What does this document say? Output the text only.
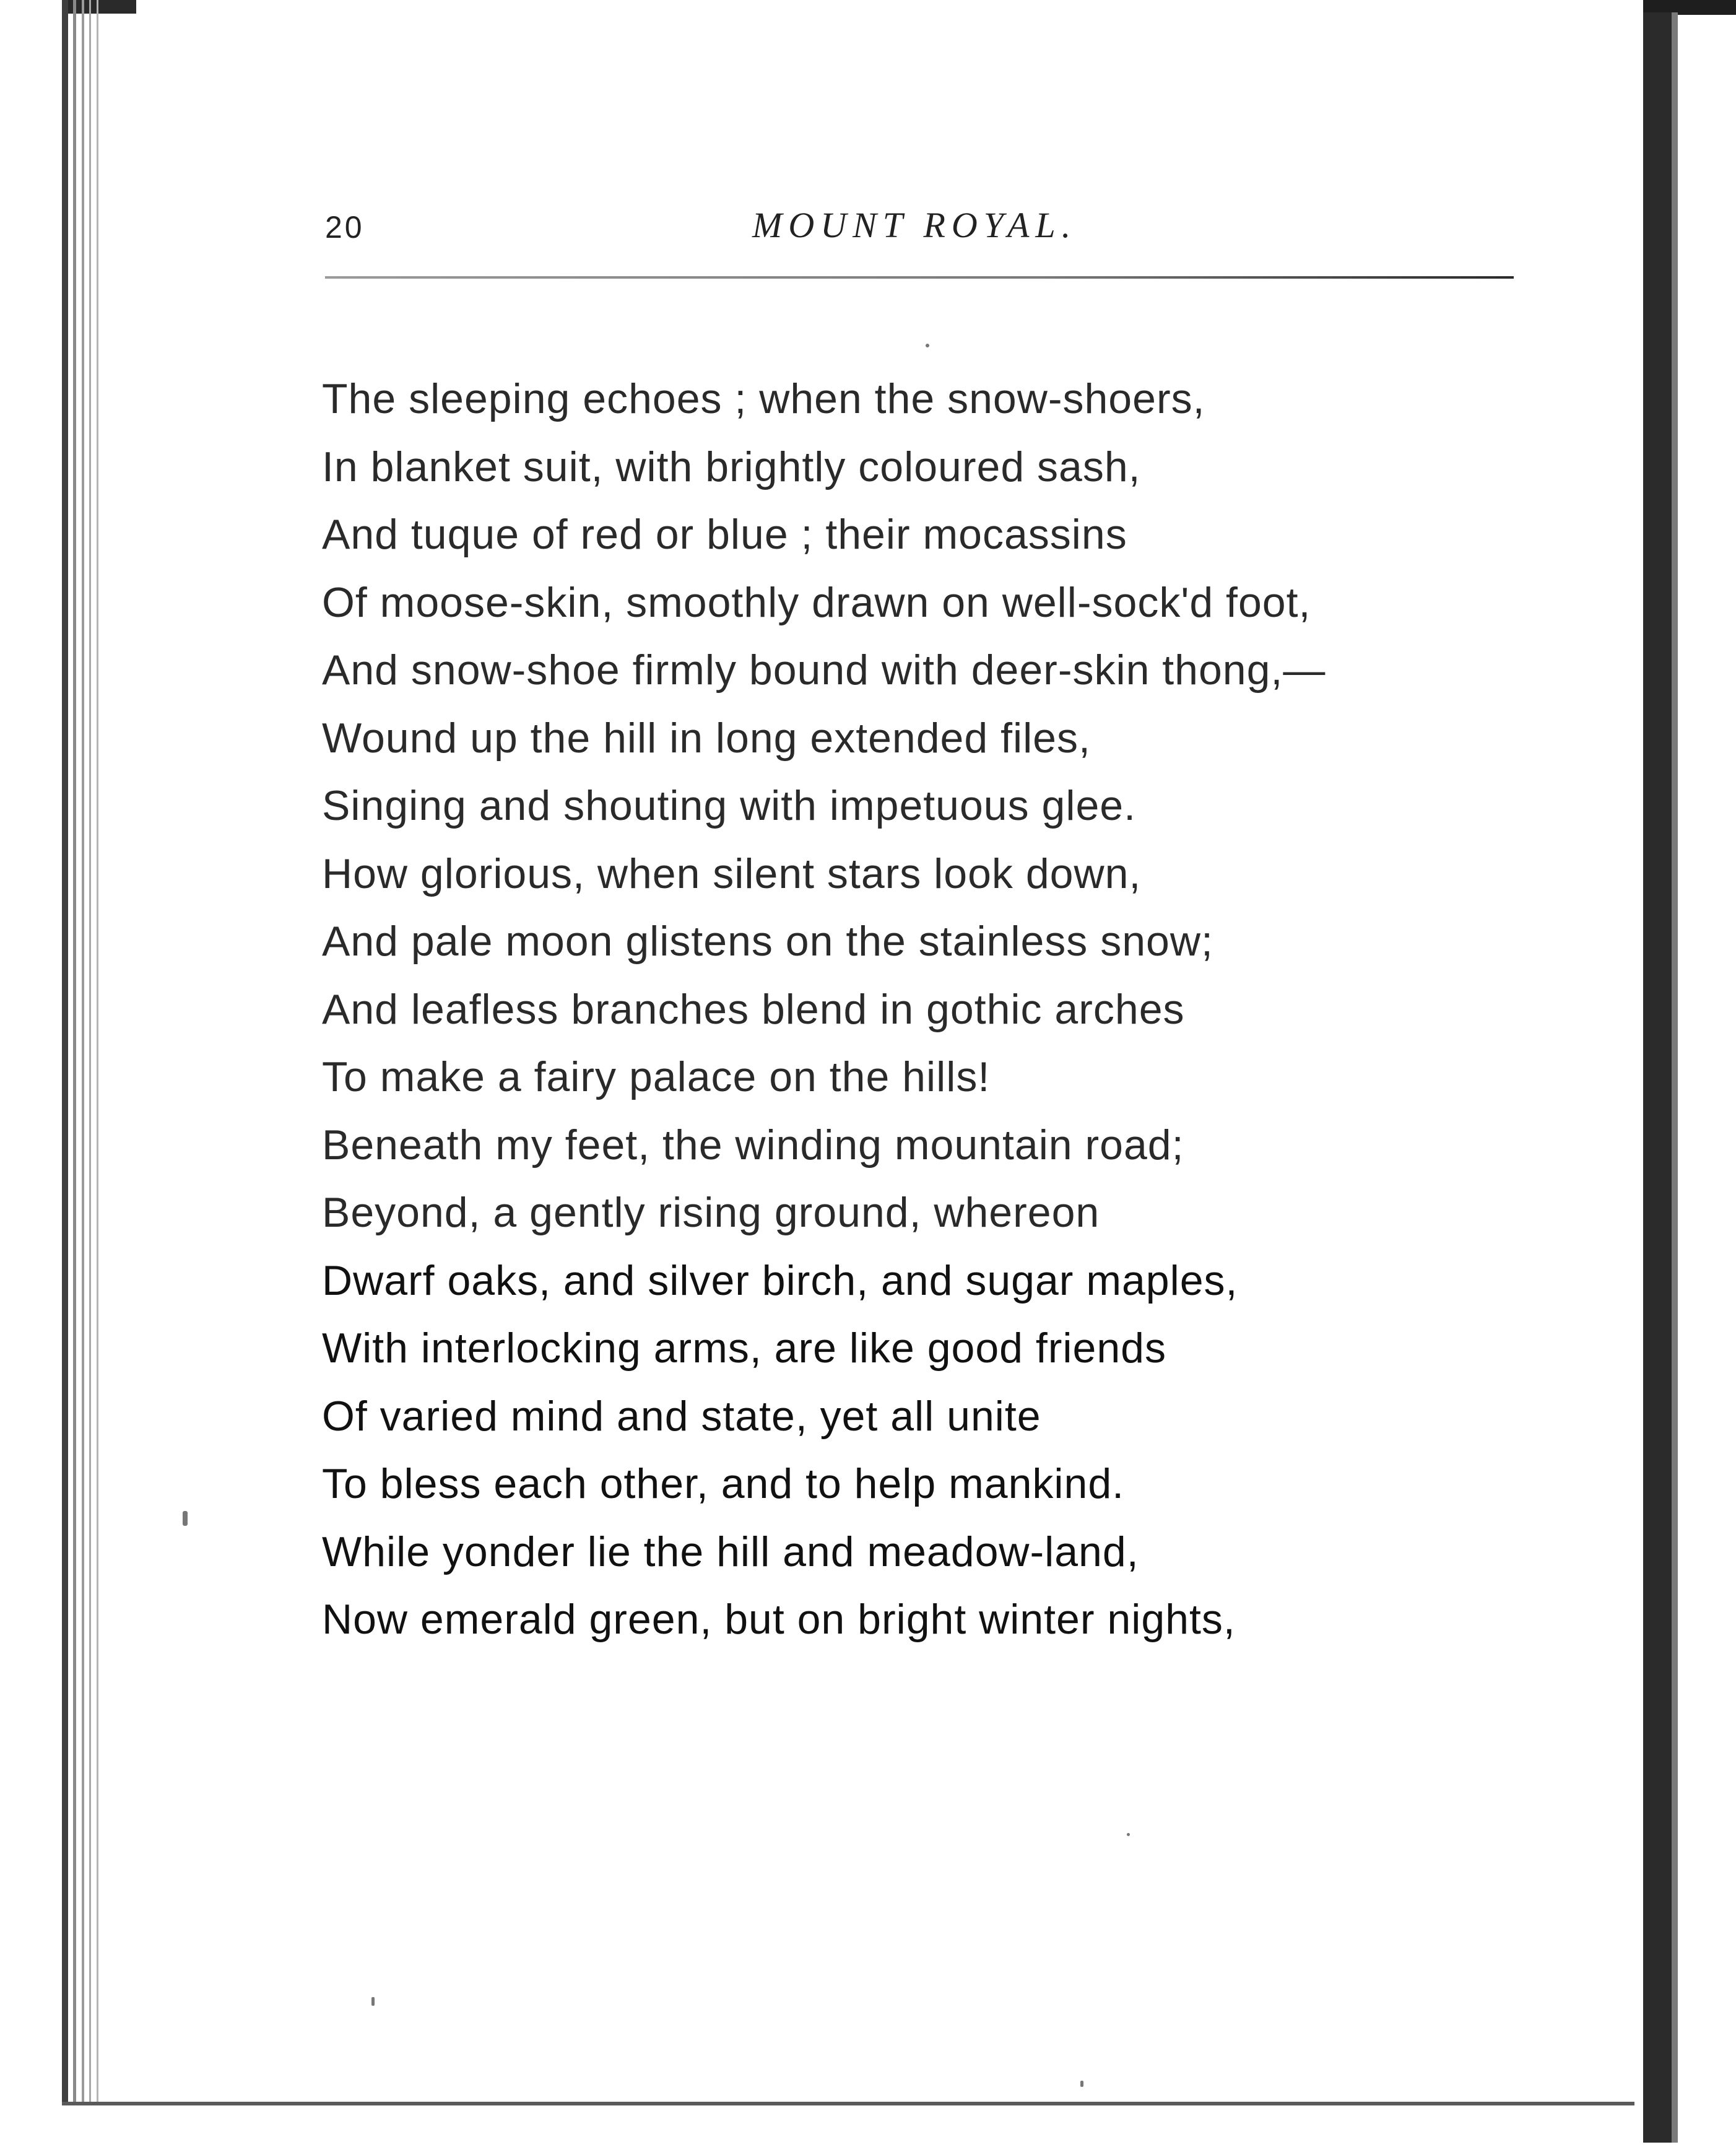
20	MOUNT ROYAL.
The sleeping echoes ; when the snow-shoers,
In blanket suit, with brightly coloured sash,
And tuque of red or blue ; their mocassins
Of moose-skin, smoothly drawn on well-sock'd foot,
And snow-shoe firmly bound with deer-skin thong,—
Wound up the hill in long extended files,
Singing and shouting with impetuous glee.
How glorious, when silent stars look down,
And pale moon glistens on the stainless snow;
And leafless branches blend in gothic arches
To make a fairy palace on the hills!
Beneath my feet, the winding mountain road;
Beyond, a gently rising ground, whereon
Dwarf oaks, and silver birch, and sugar maples,
With interlocking arms, are like good friends
Of varied mind and state, yet all unite
To bless each other, and to help mankind.
While yonder lie the hill and meadow-land,
Now emerald green, but on bright winter nights,
